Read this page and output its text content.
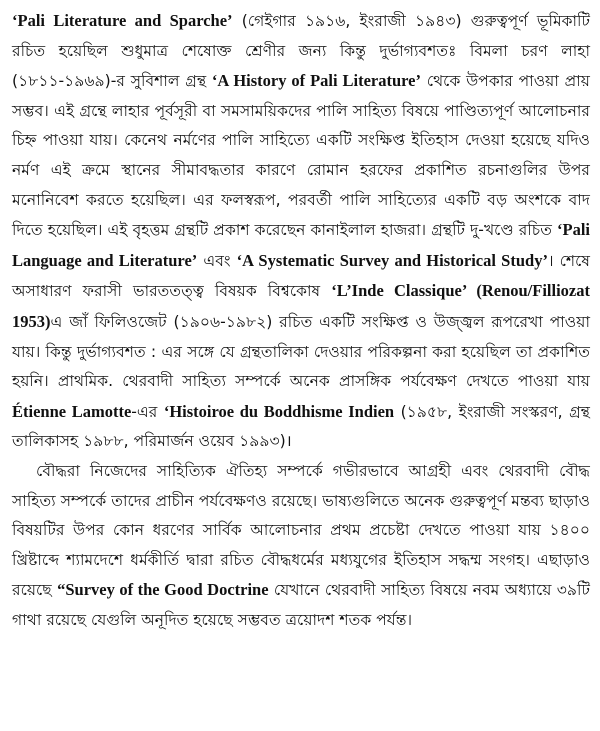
‘Pali Literature and Sparche’ (গেইগার ১৯১৬, ইংরাজী ১৯৪৩) গুরুত্বপূর্ণ ভূমিকাটি রচিত হয়েছিল শুধুমাত্র শেষোক্ত শ্রেণীর জন্য কিন্তু দুর্ভাগ্যবশতঃ বিমলা চরণ লাহা (১৮১১-১৯৬৯)-র সুবিশাল গ্রন্থ ‘A History of Pali Literature’ থেকে উপকার পাওয়া প্রায় সম্ভব। এই গ্রন্থে লাহার পূর্বসূরী বা সমসাময়িকদের পালি সাহিত্য বিষয়ে পাণ্ডিত্যপূর্ণ আলোচনার চিহ্ন পাওয়া যায়। কেনেথ নর্মণের পালি সাহিত্যে একটি সংক্ষিপ্ত ইতিহাস দেওয়া হয়েছে যদিও নর্মণ এই ক্রমে স্থানের সীমাবদ্ধতার কারণে রোমান হরফের প্রকাশিত রচনাগুলির উপর মনোনিবেশ করতে হয়েছিল। এর ফলস্বরূপ, পরবর্তী পালি সাহিত্যের একটি বড় অংশকে বাদ দিতে হয়েছিল। এই বৃহত্তম গ্রন্থটি প্রকাশ করেছেন কানাইলাল হাজরা। গ্রন্থটি দু-খণ্ডে রচিত ‘Pali Language and Literature’ এবং ‘A Systematic Survey and Historical Study’। শেষে অসাধারণ ফরাসী ভারততত্ত্ব বিষয়ক বিশ্বকোষ ‘L’Inde Classique’ (Renou/Filliozat 1953)এ জাঁ ফিলিওজেট (১৯০৬-১৯৮২) রচিত একটি সংক্ষিপ্ত ও উজ্জ্বল রূপরেখা পাওয়া যায়। কিন্তু দুর্ভাগ্যবশত : এর সঙ্গে যে গ্রন্থতালিকা দেওয়ার পরিকল্পনা করা হয়েছিল তা প্রকাশিত হয়নি। প্রাথমিক. থেরবাদী সাহিত্য সম্পর্কে অনেক প্রাসঙ্গিক পর্যবেক্ষণ দেখতে পাওয়া যায় Étienne Lamotte-এর ‘Histoiroe du Boddhisme Indien (১৯৫৮, ইংরাজী সংস্করণ, গ্রন্থ তালিকাসহ ১৯৮৮, পরিমার্জন ওয়েব ১৯৯৩)।

বৌদ্ধরা নিজেদের সাহিত্যিক ঐতিহ্য সম্পর্কে গভীরভাবে আগ্রহী এবং থেরবাদী বৌদ্ধ সাহিত্য সম্পর্কে তাদের প্রাচীন পর্যবেক্ষণও রয়েছে। ভাষ্যগুলিতে অনেক গুরুত্বপূর্ণ মন্তব্য ছাড়াও বিষয়টির উপর কোন ধরণের সার্বিক আলোচনার প্রথম প্রচেষ্টা দেখতে পাওয়া যায় ১৪০০ খ্রিষ্টাব্দে শ্যামদেশে ধর্মকীর্তি দ্বারা রচিত বৌদ্ধধর্মের মধ্যযুগের ইতিহাস সদ্ধম্ম সংগহ। এছাড়াও রয়েছে “Survey of the Good Doctrine যেখানে থেরবাদী সাহিত্য বিষয়ে নবম অধ্যায়ে ৩৯টি গাথা রয়েছে যেগুলি অনূদিত হয়েছে সম্ভবত ত্রয়োদশ শতক পর্যন্ত।
